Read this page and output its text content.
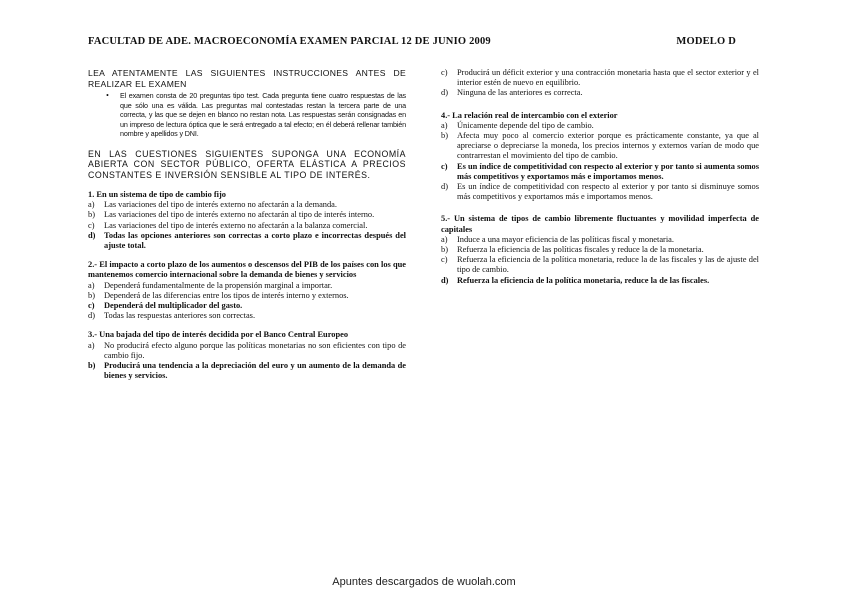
FACULTAD DE ADE. MACROECONOMÍA EXAMEN PARCIAL 12 DE JUNIO 2009	MODELO D
LEA ATENTAMENTE LAS SIGUIENTES INSTRUCCIONES ANTES DE REALIZAR EL EXAMEN
• El examen consta de 20 preguntas tipo test. Cada pregunta tiene cuatro respuestas de las que sólo una es válida. Las preguntas mal contestadas restan la tercera parte de una correcta, y las que se dejen en blanco no restan nota. Las respuestas serán consignadas en un impreso de lectura óptica que le será entregado a tal efecto; en él deberá rellenar también nombre y apellidos y DNI.
EN LAS CUESTIONES SIGUIENTES SUPONGA UNA ECONOMÍA ABIERTA CON SECTOR PÚBLICO, OFERTA ELÁSTICA A PRECIOS CONSTANTES E INVERSIÓN SENSIBLE AL TIPO DE INTERÉS.
1. En un sistema de tipo de cambio fijo
a) Las variaciones del tipo de interés externo no afectarán a la demanda.
b) Las variaciones del tipo de interés externo no afectarán al tipo de interés interno.
c) Las variaciones del tipo de interés externo no afectarán a la balanza comercial.
d) Todas las opciones anteriores son correctas a corto plazo e incorrectas después del ajuste total.
2.- El impacto a corto plazo de los aumentos o descensos del PIB de los países con los que mantenemos comercio internacional sobre la demanda de bienes y servicios
a) Dependerá fundamentalmente de la propensión marginal a importar.
b) Dependerá de las diferencias entre los tipos de interés interno y externos.
c) Dependerá del multiplicador del gasto.
d) Todas las respuestas anteriores son correctas.
3.- Una bajada del tipo de interés decidida por el Banco Central Europeo
a) No producirá efecto alguno porque las políticas monetarias no son eficientes con tipo de cambio fijo.
b) Producirá una tendencia a la depreciación del euro y un aumento de la demanda de bienes y servicios.
c) Producirá un déficit exterior y una contracción monetaria hasta que el sector exterior y el interior estén de nuevo en equilibrio.
d) Ninguna de las anteriores es correcta.
4.- La relación real de intercambio con el exterior
a) Únicamente depende del tipo de cambio.
b) Afecta muy poco al comercio exterior porque es prácticamente constante, ya que al apreciarse o depreciarse la moneda, los precios internos y externos varían de modo que contrarrestan el movimiento del tipo de cambio.
c) Es un índice de competitividad con respecto al exterior y por tanto si aumenta somos más competitivos y exportamos más e importamos menos.
d) Es un índice de competitividad con respecto al exterior y por tanto si disminuye somos más competitivos y exportamos más e importamos menos.
5.- Un sistema de tipos de cambio libremente fluctuantes y movilidad imperfecta de capitales
a) Induce a una mayor eficiencia de las políticas fiscal y monetaria.
b) Refuerza la eficiencia de las políticas fiscales y reduce la de la monetaria.
c) Refuerza la eficiencia de la política monetaria, reduce la de las fiscales y las de ajuste del tipo de cambio.
d) Refuerza la eficiencia de la política monetaria, reduce la de las fiscales.
Apuntes descargados de wuolah.com
